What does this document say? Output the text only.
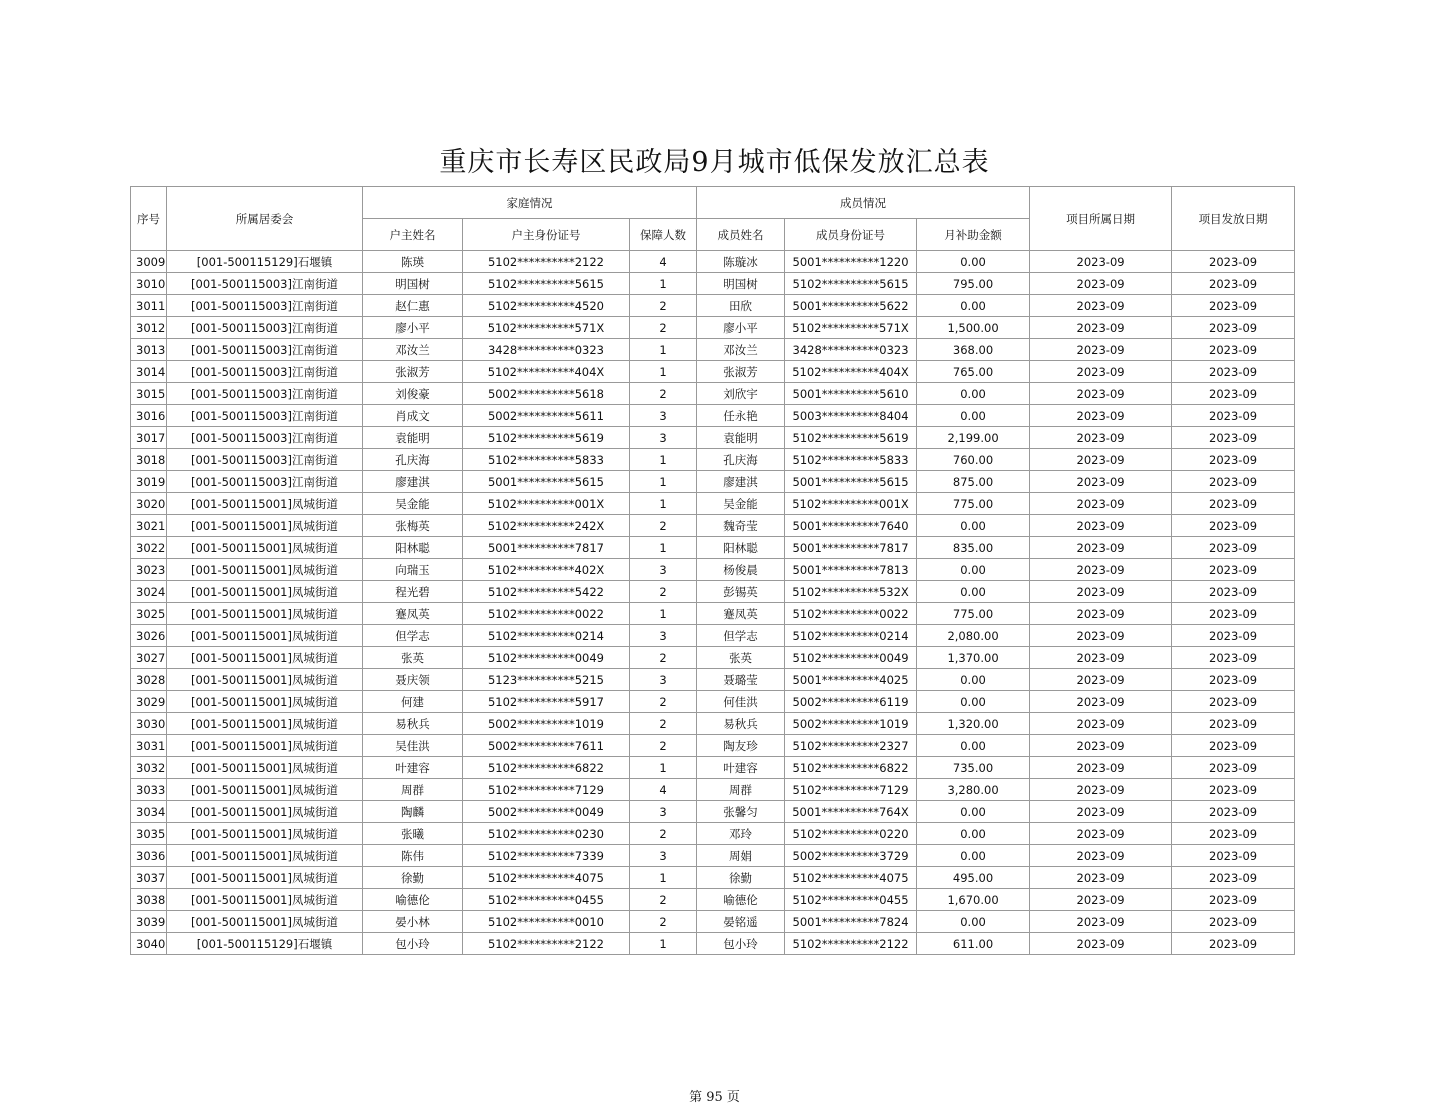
重庆市长寿区民政局9月城市低保发放汇总表
序号	所属居委会	家庭情况			成员情况			项目所属日期	项目发放日期
		户主姓名	户主身份证号	保障人数	成员姓名	成员身份证号	月补助金额		
3009	[001-500115129]石堰镇	陈瑛	5102**********2122	4	陈璇冰	5001**********1220	0.00	2023-09	2023-09
3010	[001-500115003]江南街道	明国树	5102**********5615	1	明国树	5102**********5615	795.00	2023-09	2023-09
3011	[001-500115003]江南街道	赵仁惠	5102**********4520	2	田欣	5001**********5622	0.00	2023-09	2023-09
3012	[001-500115003]江南街道	廖小平	5102**********571X	2	廖小平	5102**********571X	1,500.00	2023-09	2023-09
3013	[001-500115003]江南街道	邓汝兰	3428**********0323	1	邓汝兰	3428**********0323	368.00	2023-09	2023-09
3014	[001-500115003]江南街道	张淑芳	5102**********404X	1	张淑芳	5102**********404X	765.00	2023-09	2023-09
3015	[001-500115003]江南街道	刘俊豪	5002**********5618	2	刘欣宇	5001**********5610	0.00	2023-09	2023-09
3016	[001-500115003]江南街道	肖成文	5002**********5611	3	任永艳	5003**********8404	0.00	2023-09	2023-09
3017	[001-500115003]江南街道	袁能明	5102**********5619	3	袁能明	5102**********5619	2,199.00	2023-09	2023-09
3018	[001-500115003]江南街道	孔庆海	5102**********5833	1	孔庆海	5102**********5833	760.00	2023-09	2023-09
3019	[001-500115003]江南街道	廖建淇	5001**********5615	1	廖建淇	5001**********5615	875.00	2023-09	2023-09
3020	[001-500115001]凤城街道	吴金能	5102**********001X	1	吴金能	5102**********001X	775.00	2023-09	2023-09
3021	[001-500115001]凤城街道	张梅英	5102**********242X	2	魏奇莹	5001**********7640	0.00	2023-09	2023-09
3022	[001-500115001]凤城街道	阳林聪	5001**********7817	1	阳林聪	5001**********7817	835.00	2023-09	2023-09
3023	[001-500115001]凤城街道	向瑞玉	5102**********402X	3	杨俊晨	5001**********7813	0.00	2023-09	2023-09
3024	[001-500115001]凤城街道	程光碧	5102**********5422	2	彭锡英	5102**********532X	0.00	2023-09	2023-09
3025	[001-500115001]凤城街道	蹇凤英	5102**********0022	1	蹇凤英	5102**********0022	775.00	2023-09	2023-09
3026	[001-500115001]凤城街道	但学志	5102**********0214	3	但学志	5102**********0214	2,080.00	2023-09	2023-09
3027	[001-500115001]凤城街道	张英	5102**********0049	2	张英	5102**********0049	1,370.00	2023-09	2023-09
3028	[001-500115001]凤城街道	聂庆领	5123**********5215	3	聂璐莹	5001**********4025	0.00	2023-09	2023-09
3029	[001-500115001]凤城街道	何建	5102**********5917	2	何佳洪	5002**********6119	0.00	2023-09	2023-09
3030	[001-500115001]凤城街道	易秋兵	5002**********1019	2	易秋兵	5002**********1019	1,320.00	2023-09	2023-09
3031	[001-500115001]凤城街道	吴佳洪	5002**********7611	2	陶友珍	5102**********2327	0.00	2023-09	2023-09
3032	[001-500115001]凤城街道	叶建容	5102**********6822	1	叶建容	5102**********6822	735.00	2023-09	2023-09
3033	[001-500115001]凤城街道	周群	5102**********7129	4	周群	5102**********7129	3,280.00	2023-09	2023-09
3034	[001-500115001]凤城街道	陶麟	5002**********0049	3	张馨匀	5001**********764X	0.00	2023-09	2023-09
3035	[001-500115001]凤城街道	张曦	5102**********0230	2	邓玲	5102**********0220	0.00	2023-09	2023-09
3036	[001-500115001]凤城街道	陈伟	5102**********7339	3	周娟	5002**********3729	0.00	2023-09	2023-09
3037	[001-500115001]凤城街道	徐勤	5102**********4075	1	徐勤	5102**********4075	495.00	2023-09	2023-09
3038	[001-500115001]凤城街道	喻德伦	5102**********0455	2	喻德伦	5102**********0455	1,670.00	2023-09	2023-09
3039	[001-500115001]凤城街道	晏小林	5102**********0010	2	晏铭遥	5001**********7824	0.00	2023-09	2023-09
3040	[001-500115129]石堰镇	包小玲	5102**********2122	1	包小玲	5102**********2122	611.00	2023-09	2023-09
第 95 页
